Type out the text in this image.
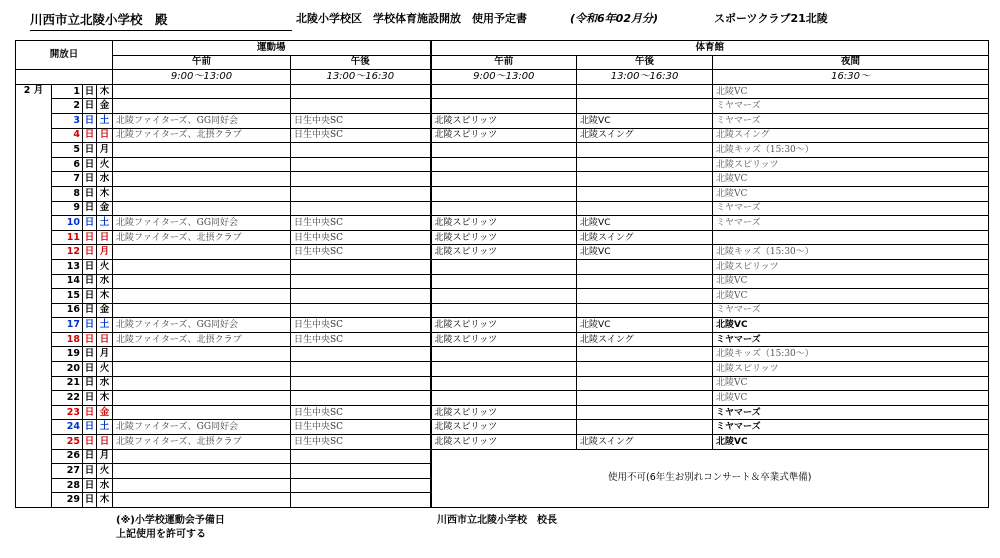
川西市立北陵小学校　殿	北陵小学校区　学校体育施設開放　使用予定書	(令和6年02月分)	スポーツクラブ21北陵
開放日				運動場		体育館		
				午前	午後	午前	午後	夜間
				9:00～13:00	13:00～16:30	9:00～13:00	13:00～16:30	16:30～
2 月	1	日	木					北陵VC
	2	日	金					ミヤマーズ
	3	日	土	北陵ファイターズ、GG同好会	日生中央SC	北陵スピリッツ	北陵VC	ミヤマーズ
	4	日	日	北陵ファイターズ、北摂クラブ	日生中央SC	北陵スピリッツ	北陵スイング	北陵スイング
	5	日	月					北陵キッズ（15:30～）
	6	日	火					北陵スピリッツ
	7	日	水					北陵VC
	8	日	木					北陵VC
	9	日	金					ミヤマーズ
	10	日	土	北陵ファイターズ、GG同好会	日生中央SC	北陵スピリッツ	北陵VC	ミヤマーズ
	11	日	日	北陵ファイターズ、北摂クラブ	日生中央SC	北陵スピリッツ	北陵スイング	
	12	日	月		日生中央SC	北陵スピリッツ	北陵VC	北陵キッズ（15:30～）
	13	日	火					北陵スピリッツ
	14	日	水					北陵VC
	15	日	木					北陵VC
	16	日	金					ミヤマーズ
	17	日	土	北陵ファイターズ、GG同好会	日生中央SC	北陵スピリッツ	北陵VC	北陵VC
	18	日	日	北陵ファイターズ、北摂クラブ	日生中央SC	北陵スピリッツ	北陵スイング	ミヤマーズ
	19	日	月					北陵キッズ（15:30～）
	20	日	火					北陵スピリッツ
	21	日	水					北陵VC
	22	日	木					北陵VC
	23	日	金		日生中央SC	北陵スピリッツ		ミヤマーズ
	24	日	土	北陵ファイターズ、GG同好会	日生中央SC	北陵スピリッツ		ミヤマーズ
	25	日	日	北陵ファイターズ、北摂クラブ	日生中央SC	北陵スピリッツ	北陵スイング	北陵VC
	26	日	月			使用不可(6年生お別れコンサート＆卒業式準備)		
	27	日	火					
	28	日	水					
	29	日	木					
(※)小学校運動会予備日
上記使用を許可する
川西市立北陵小学校　校長
